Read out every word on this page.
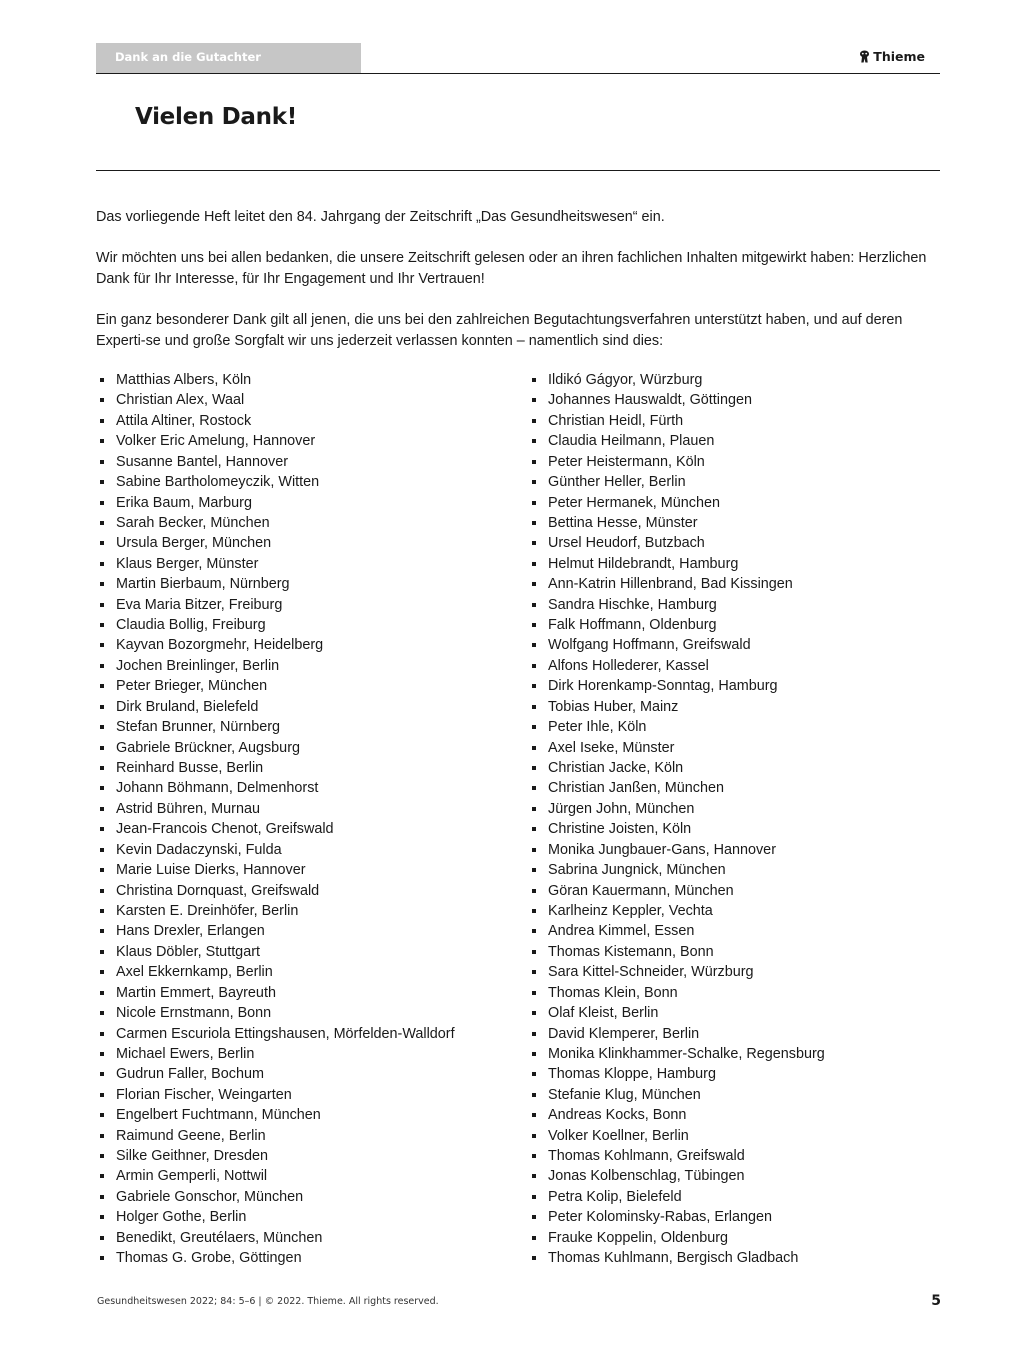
Dank an die Gutachter	Thieme
Vielen Dank!

Das vorliegende Heft leitet den 84. Jahrgang der Zeitschrift „Das Gesundheitswesen“ ein.

Wir möchten uns bei allen bedanken, die unsere Zeitschrift gelesen oder an ihren fachlichen Inhalten mitgewirkt haben: Herzlichen Dank für Ihr Interesse, für Ihr Engagement und Ihr Vertrauen!

Ein ganz besonderer Dank gilt all jenen, die uns bei den zahlreichen Begutachtungsverfahren unterstützt haben, und auf deren Experti-se und große Sorgfalt wir uns jederzeit verlassen konnten – namentlich sind dies:

Matthias Albers, Köln
Christian Alex, Waal
Attila Altiner, Rostock
Volker Eric Amelung, Hannover
Susanne Bantel, Hannover
Sabine Bartholomeyczik, Witten
Erika Baum, Marburg
Sarah Becker, München
Ursula Berger, München
Klaus Berger, Münster
Martin Bierbaum, Nürnberg
Eva Maria Bitzer, Freiburg
Claudia Bollig, Freiburg
Kayvan Bozorgmehr, Heidelberg
Jochen Breinlinger, Berlin
Peter Brieger, München
Dirk Bruland, Bielefeld
Stefan Brunner, Nürnberg
Gabriele Brückner, Augsburg
Reinhard Busse, Berlin
Johann Böhmann, Delmenhorst
Astrid Bühren, Murnau
Jean-Francois Chenot, Greifswald
Kevin Dadaczynski, Fulda
Marie Luise Dierks, Hannover
Christina Dornquast, Greifswald
Karsten E. Dreinhöfer, Berlin
Hans Drexler, Erlangen
Klaus Döbler, Stuttgart
Axel Ekkernkamp, Berlin
Martin Emmert, Bayreuth
Nicole Ernstmann, Bonn
Carmen Escuriola Ettingshausen, Mörfelden-Walldorf
Michael Ewers, Berlin
Gudrun Faller, Bochum
Florian Fischer, Weingarten
Engelbert Fuchtmann, München
Raimund Geene, Berlin
Silke Geithner, Dresden
Armin Gemperli, Nottwil
Gabriele Gonschor, München
Holger Gothe, Berlin
Benedikt, Greutélaers, München
Thomas G. Grobe, Göttingen
Ildikó Gágyor, Würzburg
Johannes Hauswaldt, Göttingen
Christian Heidl, Fürth
Claudia Heilmann, Plauen
Peter Heistermann, Köln
Günther Heller, Berlin
Peter Hermanek, München
Bettina Hesse, Münster
Ursel Heudorf, Butzbach
Helmut Hildebrandt, Hamburg
Ann-Katrin Hillenbrand, Bad Kissingen
Sandra Hischke, Hamburg
Falk Hoffmann, Oldenburg
Wolfgang Hoffmann, Greifswald
Alfons Hollederer, Kassel
Dirk Horenkamp-Sonntag, Hamburg
Tobias Huber, Mainz
Peter Ihle, Köln
Axel Iseke, Münster
Christian Jacke, Köln
Christian Janßen, München
Jürgen John, München
Christine Joisten, Köln
Monika Jungbauer-Gans, Hannover
Sabrina Jungnick, München
Göran Kauermann, München
Karlheinz Keppler, Vechta
Andrea Kimmel, Essen
Thomas Kistemann, Bonn
Sara Kittel-Schneider, Würzburg
Thomas Klein, Bonn
Olaf Kleist, Berlin
David Klemperer, Berlin
Monika Klinkhammer-Schalke, Regensburg
Thomas Kloppe, Hamburg
Stefanie Klug, München
Andreas Kocks, Bonn
Volker Koellner, Berlin
Thomas Kohlmann, Greifswald
Jonas Kolbenschlag, Tübingen
Petra Kolip, Bielefeld
Peter Kolominsky-Rabas, Erlangen
Frauke Koppelin, Oldenburg
Thomas Kuhlmann, Bergisch Gladbach
Gesundheitswesen 2022; 84: 5–6 | © 2022. Thieme. All rights reserved.	5
